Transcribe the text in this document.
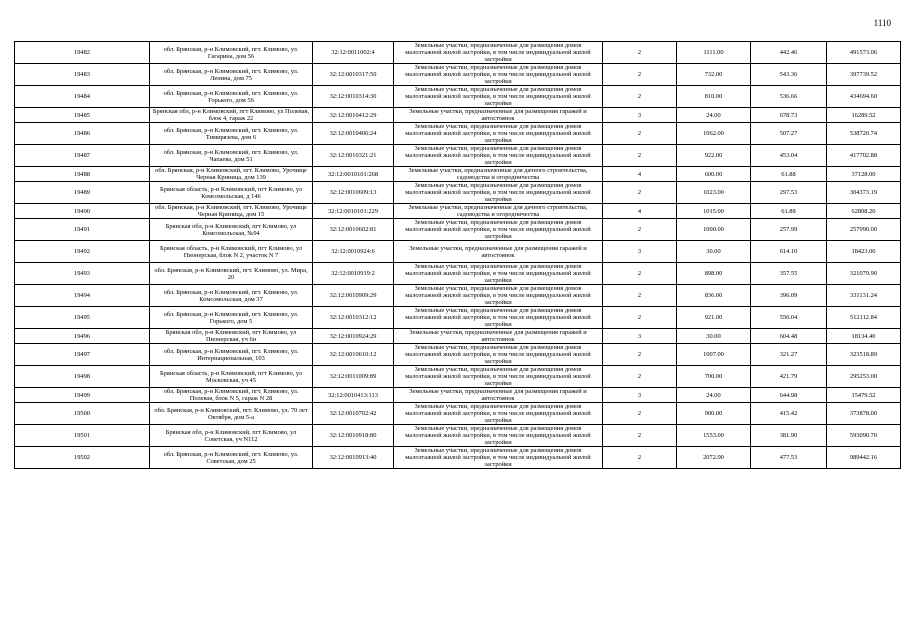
1110
19482	обл. Брянская, р-н Климовский, пгт. Климово, ул. Гагарина, дом 56	32:12:0011002:4	Земельные участки, предназначенные для размещения домов малоэтажной жилой застройки, в том числе индивидуальной жилой застройки	2	1111.00	442.46	491573.06
19483	обл. Брянская, р-н Климовский, пгт. Климово, ул. Ленина, дом 75	32:12:0010317:50	Земельные участки, предназначенные для размещения домов малоэтажной жилой застройки, в том числе индивидуальной жилой застройки	2	732.00	543.36	397739.52
19484	обл. Брянская, р-н Климовский, пгт. Климово, ул. Горького, дом 56	32:12:0010314:30	Земельные участки, предназначенные для размещения домов малоэтажной жилой застройки, в том числе индивидуальной жилой застройки	2	810.00	536.66	434694.60
19485	Брянская обл, р-н Климовский, пгт Климово, ул Полевая, блок 4, гараж 22	32:12:0010412:29	Земельные участки, предназначенные для размещения гаражей и автостоянок	3	24.00	678.73	16289.52
19486	обл. Брянская, р-н Климовский, пгт. Климово, ул. Тимирязева, дом 6	32:12:0010406:24	Земельные участки, предназначенные для размещения домов малоэтажной жилой застройки, в том числе индивидуальной жилой застройки	2	1062.00	507.27	538720.74
19487	обл. Брянская, р-н Климовский, пгт. Климово, ул. Чапаева, дом 51	32:12:0010321:21	Земельные участки, предназначенные для размещения домов малоэтажной жилой застройки, в том числе индивидуальной жилой застройки	2	922.00	453.04	417702.88
19488	обл. Брянская, р-н Климовский, пгт. Климово, Урочище Черная Криница, дом 139	32:12:0010101:268	Земельные участки, предназначенные для дачного строительства, садоводства и огородничества	4	600.00	61.88	37128.00
19489	Брянская область, р-н Климовский, пгт Климово, ул Комсомольская, д 146	32:12:0010609:13	Земельные участки, предназначенные для размещения домов малоэтажной жилой застройки, в том числе индивидуальной жилой застройки	2	1023.00	297.53	304373.19
19490	обл. Брянская, р-н Климовский, пгт. Климово, Урочище Черная Криница, дом 15	32:12:0010101:229	Земельные участки, предназначенные для дачного строительства, садоводства и огородничества	4	1015.00	61.88	62808.20
19491	Брянская обл, р-н Климовский, пгт Климово, ул Комсомольская, №94	32:12:0010602:81	Земельные участки, предназначенные для размещения домов малоэтажной жилой застройки, в том числе индивидуальной жилой застройки	2	1000.00	257.99	257990.00
19492	Брянская область, р-н Климовский, пгт Климово, ул Пионерская, блок N 2, участок N 7	32:12:0010924:6	Земельные участки, предназначенные для размещения гаражей и автостоянок	3	30.00	614.10	18423.00
19493	обл. Брянская, р-н Климовский, пгт. Климово, ул. Мира, 20	32:12:0010919:2	Земельные участки, предназначенные для размещения домов малоэтажной жилой застройки, в том числе индивидуальной жилой застройки	2	898.00	357.55	321079.90
19494	обл. Брянская, р-н Климовский, пгт. Климово, ул. Комсомольская, дом 37	32:12:0010909:29	Земельные участки, предназначенные для размещения домов малоэтажной жилой застройки, в том числе индивидуальной жилой застройки	2	836.00	396.09	331131.24
19495	обл. Брянская, р-н Климовский, пгт. Климово, ул. Горького, дом 5	32:12:0010312:12	Земельные участки, предназначенные для размещения домов малоэтажной жилой застройки, в том числе индивидуальной жилой застройки	2	921.00	556.04	512112.84
19496	Брянская обл, р-н Климовский, пгт Климово, ул Пионерская, уч 6н	32:12:0010924:29	Земельные участки, предназначенные для размещения гаражей и автостоянок	3	30.00	604.48	18134.40
19497	обл. Брянская, р-н Климовский, пгт. Климово, ул. Интернациональная, 103	32:12:0010610:12	Земельные участки, предназначенные для размещения домов малоэтажной жилой застройки, в том числе индивидуальной жилой застройки	2	1007.00	321.27	323518.89
19498	Брянская область, р-н Климовский, пгт Климово, ул Московская, уч 45	32:12:0011009:89	Земельные участки, предназначенные для размещения домов малоэтажной жилой застройки, в том числе индивидуальной жилой застройки	2	700.00	421.79	295253.00
19499	обл. Брянская, р-н Климовский, пгт. Климово, ул. Полевая, блок N 5, гараж N 28	32:12:0010413:113	Земельные участки, предназначенные для размещения гаражей и автостоянок	3	24.00	644.98	15479.52
19500	обл. Брянская, р-н Климовский, пгт. Климово, ул. 70 лет Октября, дом 5-а	32:12:0010702:42	Земельные участки, предназначенные для размещения домов малоэтажной жилой застройки, в том числе индивидуальной жилой застройки	2	900.00	415.42	373878.00
19501	Брянская обл, р-н Климовский, пгт Климово, ул Советская, уч N112	32:12:0010918:80	Земельные участки, предназначенные для размещения домов малоэтажной жилой застройки, в том числе индивидуальной жилой застройки	2	1553.00	381.90	593090.70
19502	обл. Брянская, р-н Климовский, пгт. Климово, ул. Советская, дом 25	32:12:0010913:40	Земельные участки, предназначенные для размещения домов малоэтажной жилой застройки, в том числе индивидуальной жилой застройки	2	2072.00	477.53	989442.16
